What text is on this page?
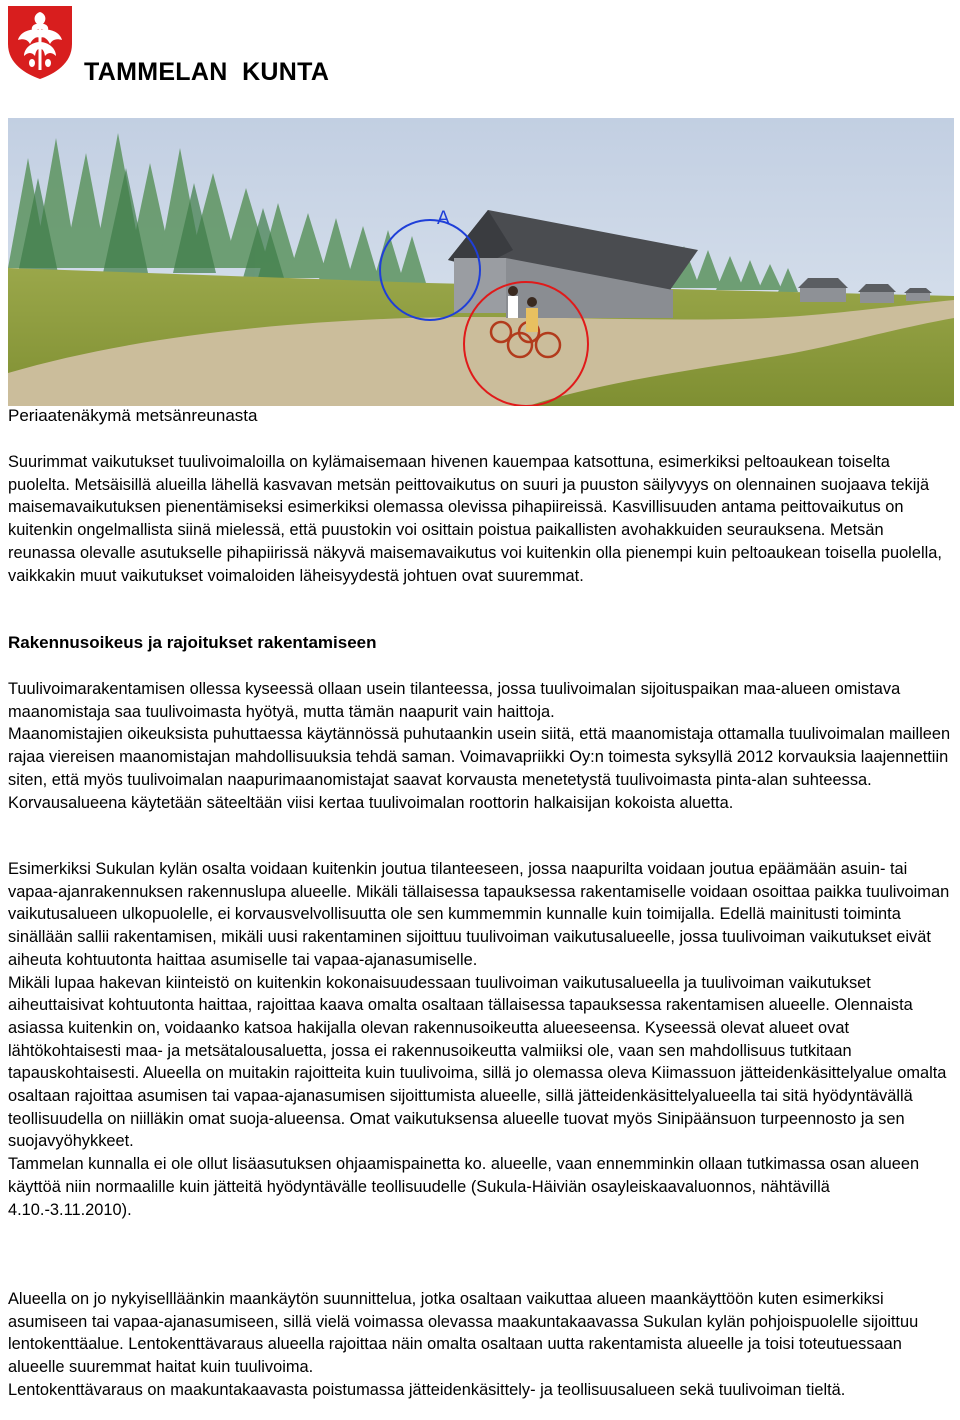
TAMMELAN  KUNTA
A

Periaatenäkymä metsänreunasta

Suurimmat vaikutukset tuulivoimaloilla on kylämaisemaan hivenen kauempaa katsottuna, esimerkiksi peltoaukean toiselta puolelta. Metsäisillä alueilla lähellä kasvavan metsän peittovaikutus on suuri ja puuston säilyvyys on olennainen suojaava tekijä maisemavaikutuksen pienentämiseksi esimerkiksi olemassa olevissa pihapiireissä. Kasvillisuuden antama peittovaikutus on kuitenkin ongelmallista siinä mielessä, että puustokin voi osittain poistua paikallisten avohakkuiden seurauksena. Metsän reunassa olevalle asutukselle pihapiirissä näkyvä maisemavaikutus voi kuitenkin olla pienempi kuin peltoaukean toisella puolella, vaikkakin muut vaikutukset voimaloiden läheisyydestä johtuen ovat suuremmat.

Rakennusoikeus ja rajoitukset rakentamiseen

Tuulivoimarakentamisen ollessa kyseessä ollaan usein tilanteessa, jossa tuulivoimalan sijoituspaikan maa-alueen omistava maanomistaja saa tuulivoimasta hyötyä, mutta tämän naapurit vain haittoja.
Maanomistajien oikeuksista puhuttaessa käytännössä puhutaankin usein siitä, että maanomistaja ottamalla tuulivoimalan mailleen rajaa viereisen maanomistajan mahdollisuuksia tehdä saman. Voimavapriikki Oy:n toimesta syksyllä 2012 korvauksia laajennettiin siten, että myös tuulivoimalan naapurimaanomistajat saavat korvausta menetetystä tuulivoimasta pinta-alan suhteessa. Korvausalueena käytetään säteeltään viisi kertaa tuulivoimalan roottorin halkaisijan kokoista aluetta.

Esimerkiksi Sukulan kylän osalta voidaan kuitenkin joutua tilanteeseen, jossa naapurilta voidaan joutua epäämään asuin- tai vapaa-ajanrakennuksen rakennuslupa alueelle. Mikäli tällaisessa tapauksessa rakentamiselle voidaan osoittaa paikka tuulivoiman vaikutusalueen ulkopuolelle, ei korvausvelvollisuutta ole sen kummemmin kunnalle kuin toimijalla. Edellä mainitusti toiminta sinällään sallii rakentamisen, mikäli uusi rakentaminen sijoittuu tuulivoiman vaikutusalueelle, jossa tuulivoiman vaikutukset eivät aiheuta kohtuutonta haittaa asumiselle tai vapaa-ajanasumiselle.
Mikäli lupaa hakevan kiinteistö on kuitenkin kokonaisuudessaan tuulivoiman vaikutusalueella ja tuulivoiman vaikutukset aiheuttaisivat kohtuutonta haittaa, rajoittaa kaava omalta osaltaan tällaisessa tapauksessa rakentamisen alueelle. Olennaista asiassa kuitenkin on, voidaanko katsoa hakijalla olevan rakennusoikeutta alueeseensa. Kyseessä olevat alueet ovat lähtökohtaisesti maa- ja metsätalousaluetta, jossa ei rakennusoikeutta valmiiksi ole, vaan sen mahdollisuus tutkitaan tapauskohtaisesti. Alueella on muitakin rajoitteita kuin tuulivoima, sillä jo olemassa oleva Kiimassuon jätteidenkäsittelyalue omalta osaltaan rajoittaa asumisen tai vapaa-ajanasumisen sijoittumista alueelle, sillä jätteidenkäsittelyalueella tai sitä hyödyntävällä teollisuudella on niilläkin omat suoja-alueensa. Omat vaikutuksensa alueelle tuovat myös Sinipäänsuon turpeennosto ja sen suojavyöhykkeet.
Tammelan kunnalla ei ole ollut lisäasutuksen ohjaamispainetta ko. alueelle, vaan ennemminkin ollaan tutkimassa osan alueen käyttöä niin normaalille kuin jätteitä hyödyntävälle teollisuudelle (Sukula-Häiviän osayleiskaavaluonnos, nähtävillä 4.10.-3.11.2010).

Alueella on jo nykyisellläänkin maankäytön suunnittelua, jotka osaltaan vaikuttaa alueen maankäyttöön kuten esimerkiksi asumiseen tai vapaa-ajanasumiseen, sillä vielä voimassa olevassa maakuntakaavassa Sukulan kylän pohjoispuolelle sijoittuu lentokenttäalue. Lentokenttävaraus alueella rajoittaa näin omalta osaltaan uutta rakentamista alueelle ja toisi toteutuessaan alueelle suuremmat haitat kuin tuulivoima.
Lentokenttävaraus on maakuntakaavasta poistumassa jätteidenkäsittely- ja teollisuusalueen sekä tuulivoiman tieltä.
